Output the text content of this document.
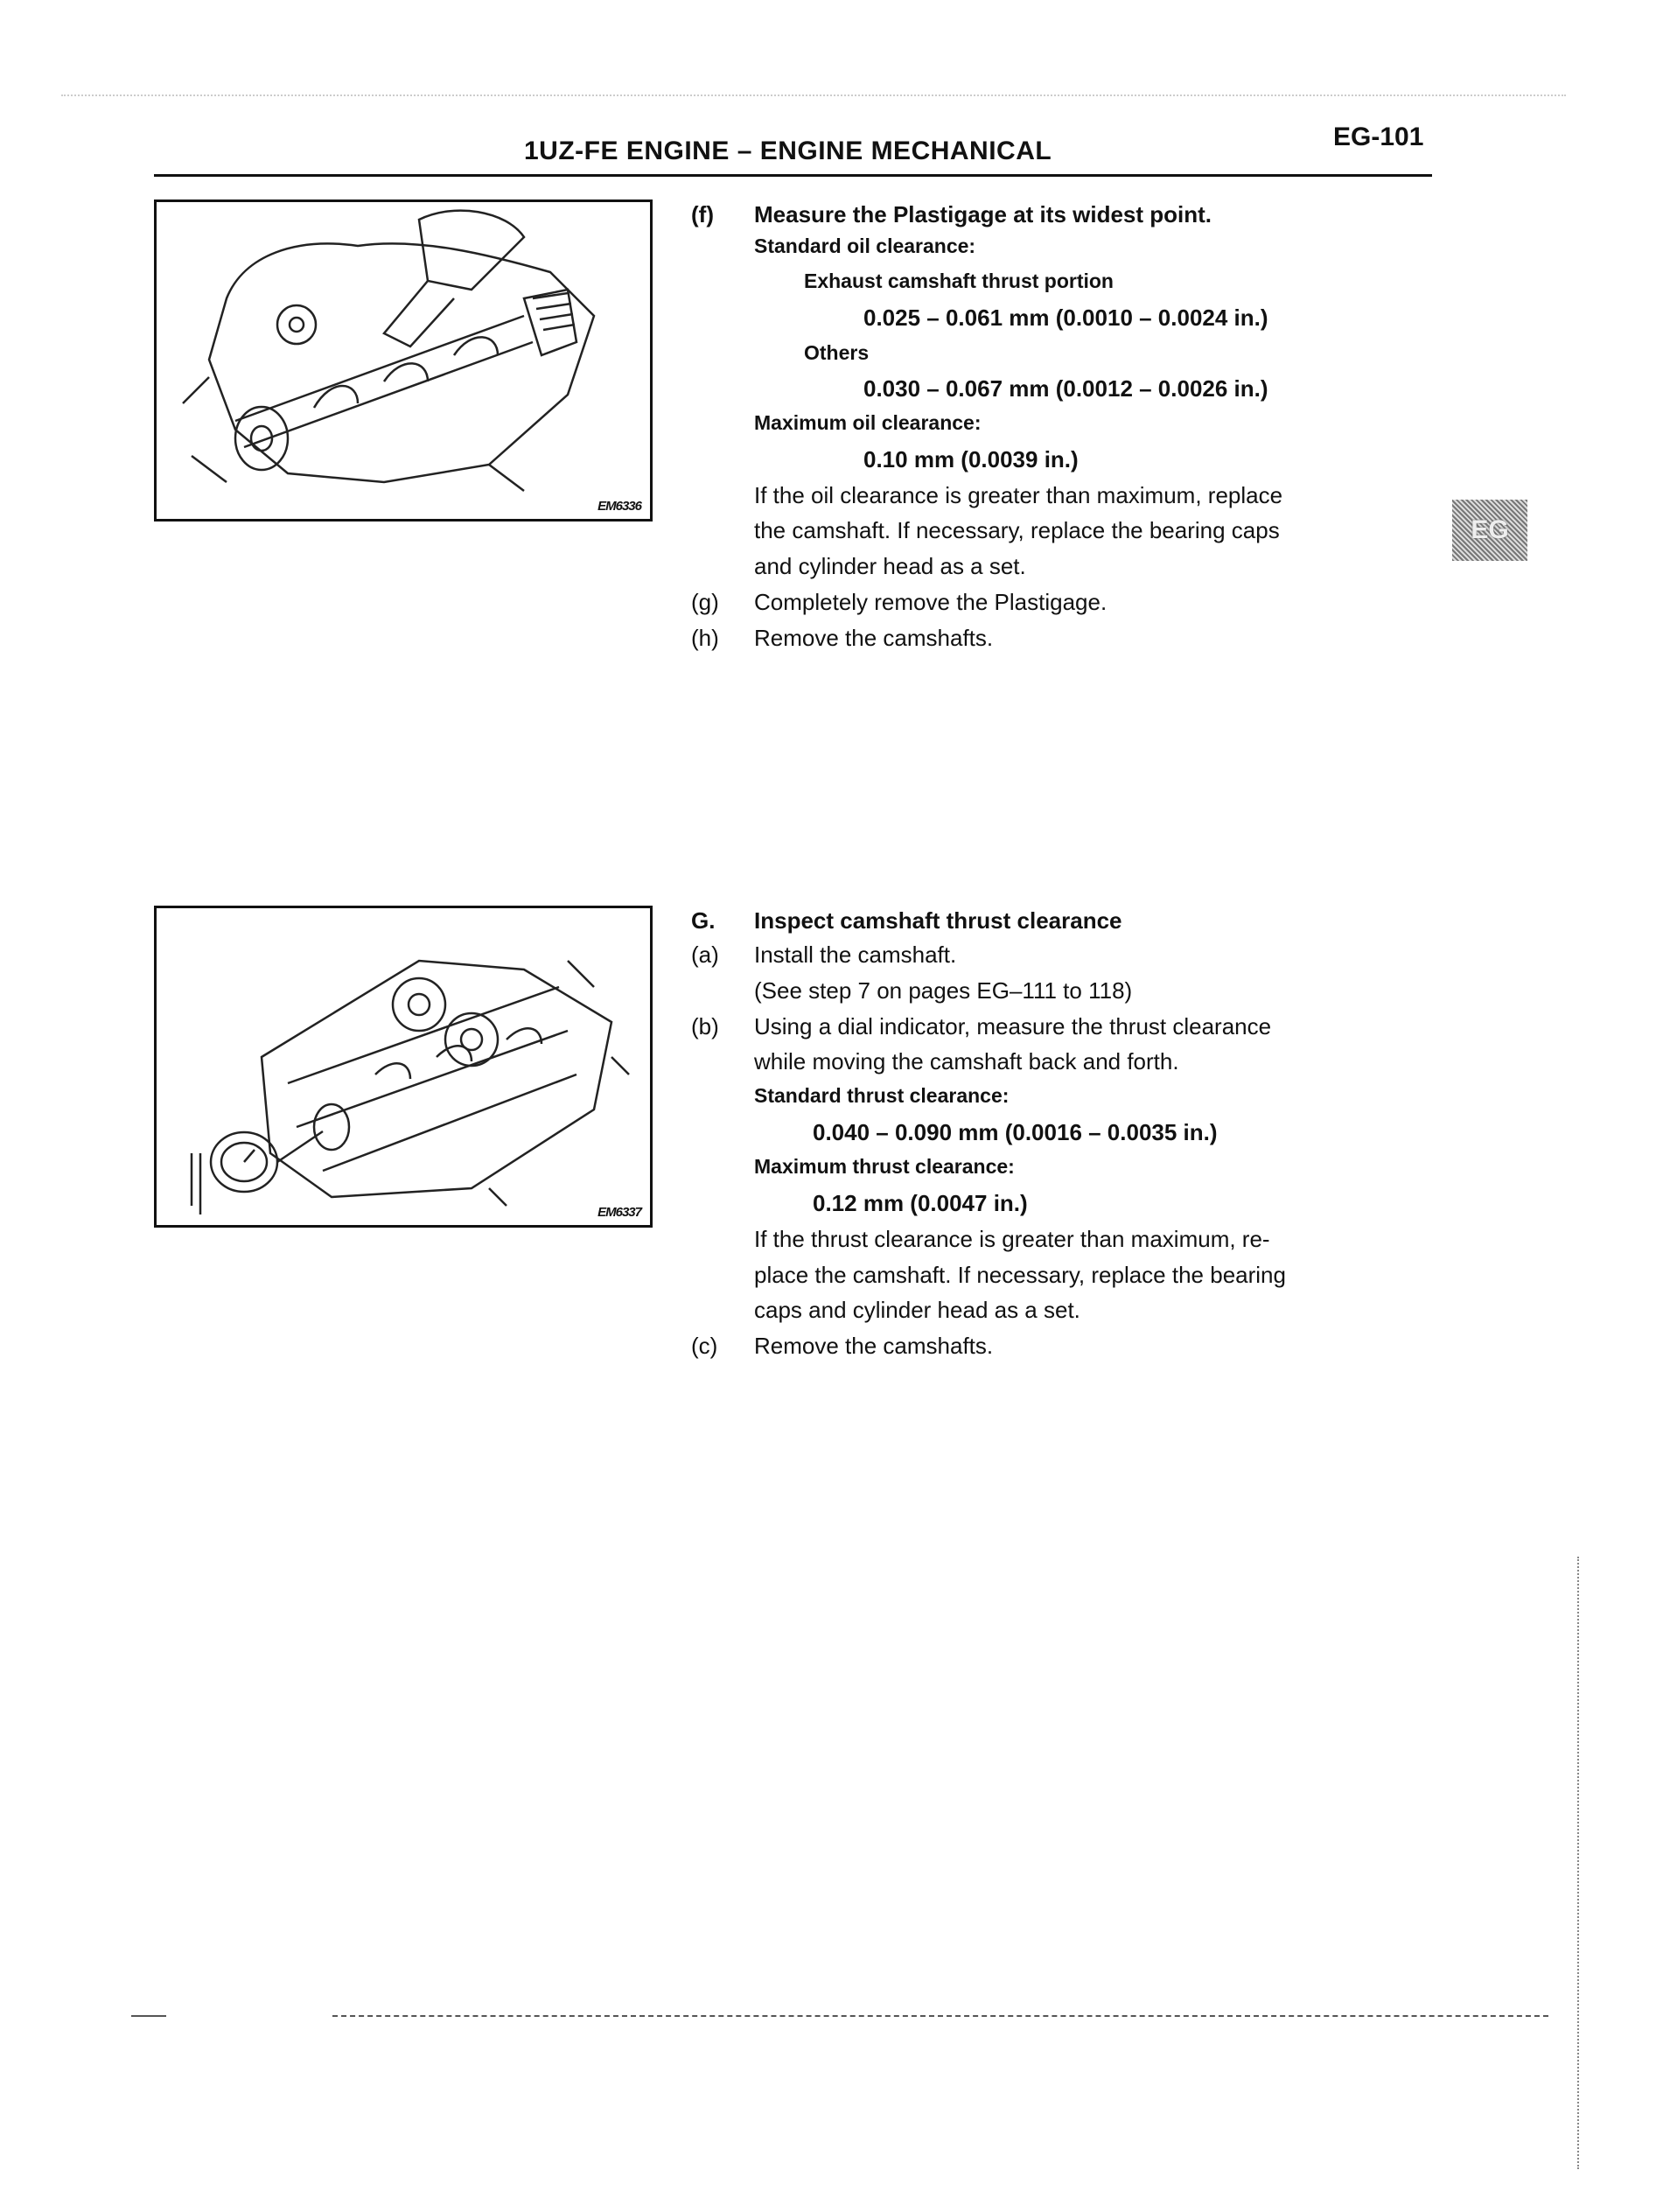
1UZ-FE ENGINE – ENGINE MECHANICAL	EG-101
EM6336
(f) Measure the Plastigage at its widest point.
Standard oil clearance:
Exhaust camshaft thrust portion
0.025 – 0.061 mm (0.0010 – 0.0024 in.)
Others
0.030 – 0.067 mm (0.0012 – 0.0026 in.)
Maximum oil clearance:
0.10 mm (0.0039 in.)
If the oil clearance is greater than maximum, replace
the camshaft. If necessary, replace the bearing caps
and cylinder head as a set.
(g) Completely remove the Plastigage.
(h) Remove the camshafts.
EG
EM6337
G. Inspect camshaft thrust clearance
(a) Install the camshaft.
(See step 7 on pages EG–111 to 118)
(b) Using a dial indicator, measure the thrust clearance
while moving the camshaft back and forth.
Standard thrust clearance:
0.040 – 0.090 mm (0.0016 – 0.0035 in.)
Maximum thrust clearance:
0.12 mm (0.0047 in.)
If the thrust clearance is greater than maximum, re-
place the camshaft. If necessary, replace the bearing
caps and cylinder head as a set.
(c) Remove the camshafts.
